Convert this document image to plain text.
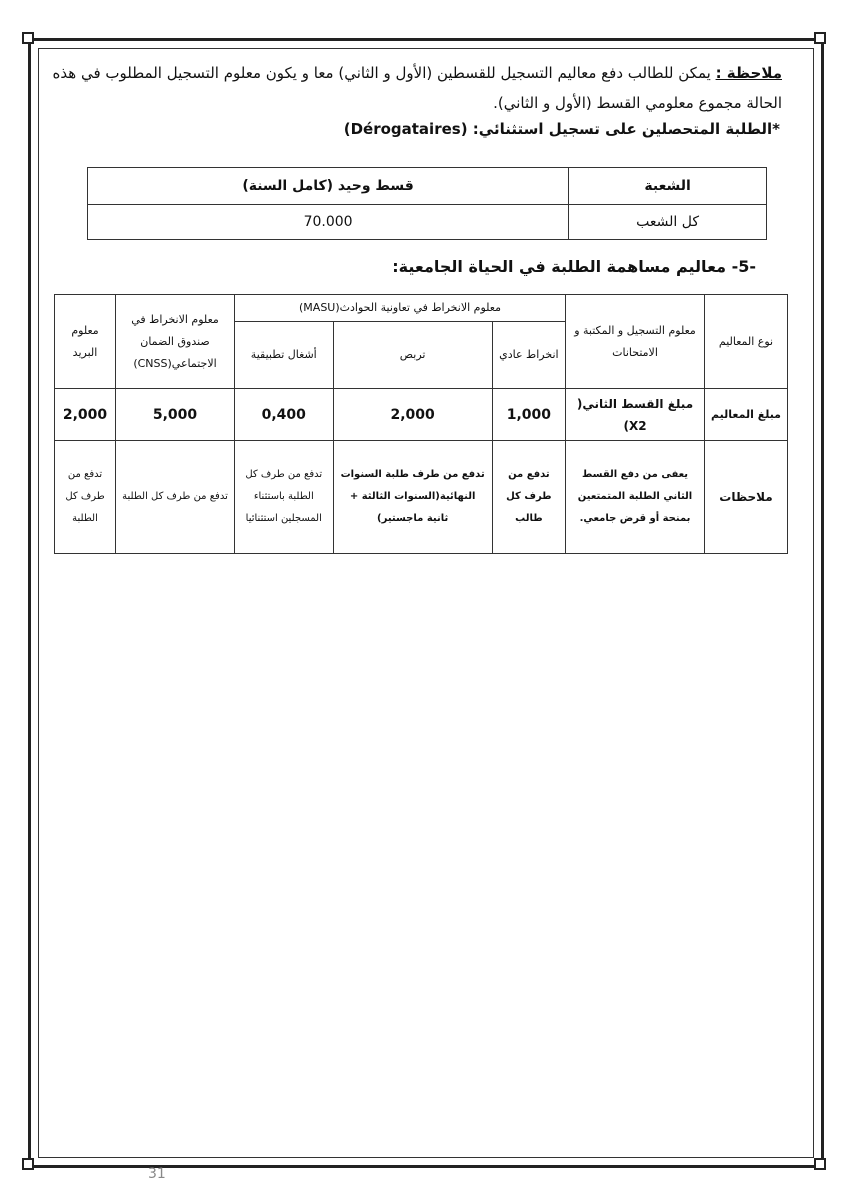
ملاحظة : يمكن للطالب دفع معاليم التسجيل للقسطين (الأول و الثاني) معا و يكون معلوم التسجيل المطلوب في هذه الحالة مجموع معلومي القسط (الأول و الثاني).
*الطلبة المتحصلين على تسجيل استثنائي: (Dérogataires)
الشعبة	قسط وحيد (كامل السنة)
كل الشعب	70.000
-5- معاليم مساهمة الطلبة في الحياة الجامعية:
نوع المعاليم	معلوم التسجيل و المكتبة و الامتحانات	معلوم الانخراط في تعاونية الحوادث(MASU)			معلوم الانخراط في صندوق الضمان الاجتماعي(CNSS)	معلوم البريد
		انخراط عادي	تربص	أشغال تطبيقية		
مبلغ المعاليم	مبلغ القسط الثاني( X2)	1,000	2,000	0,400	5,000	2,000
ملاحظات	يعفى من دفع القسط الثاني الطلبة المتمتعين بمنحة أو قرض جامعي.	تدفع من طرف كل طالب	تدفع من طرف طلبة السنوات النهائية(السنوات الثالثة + ثانية ماجستير)	تدفع من طرف كل الطلبة باستثناء المسجلين استثنائيا	تدفع من طرف كل الطلبة	تدفع من طرف كل الطلبة
31
